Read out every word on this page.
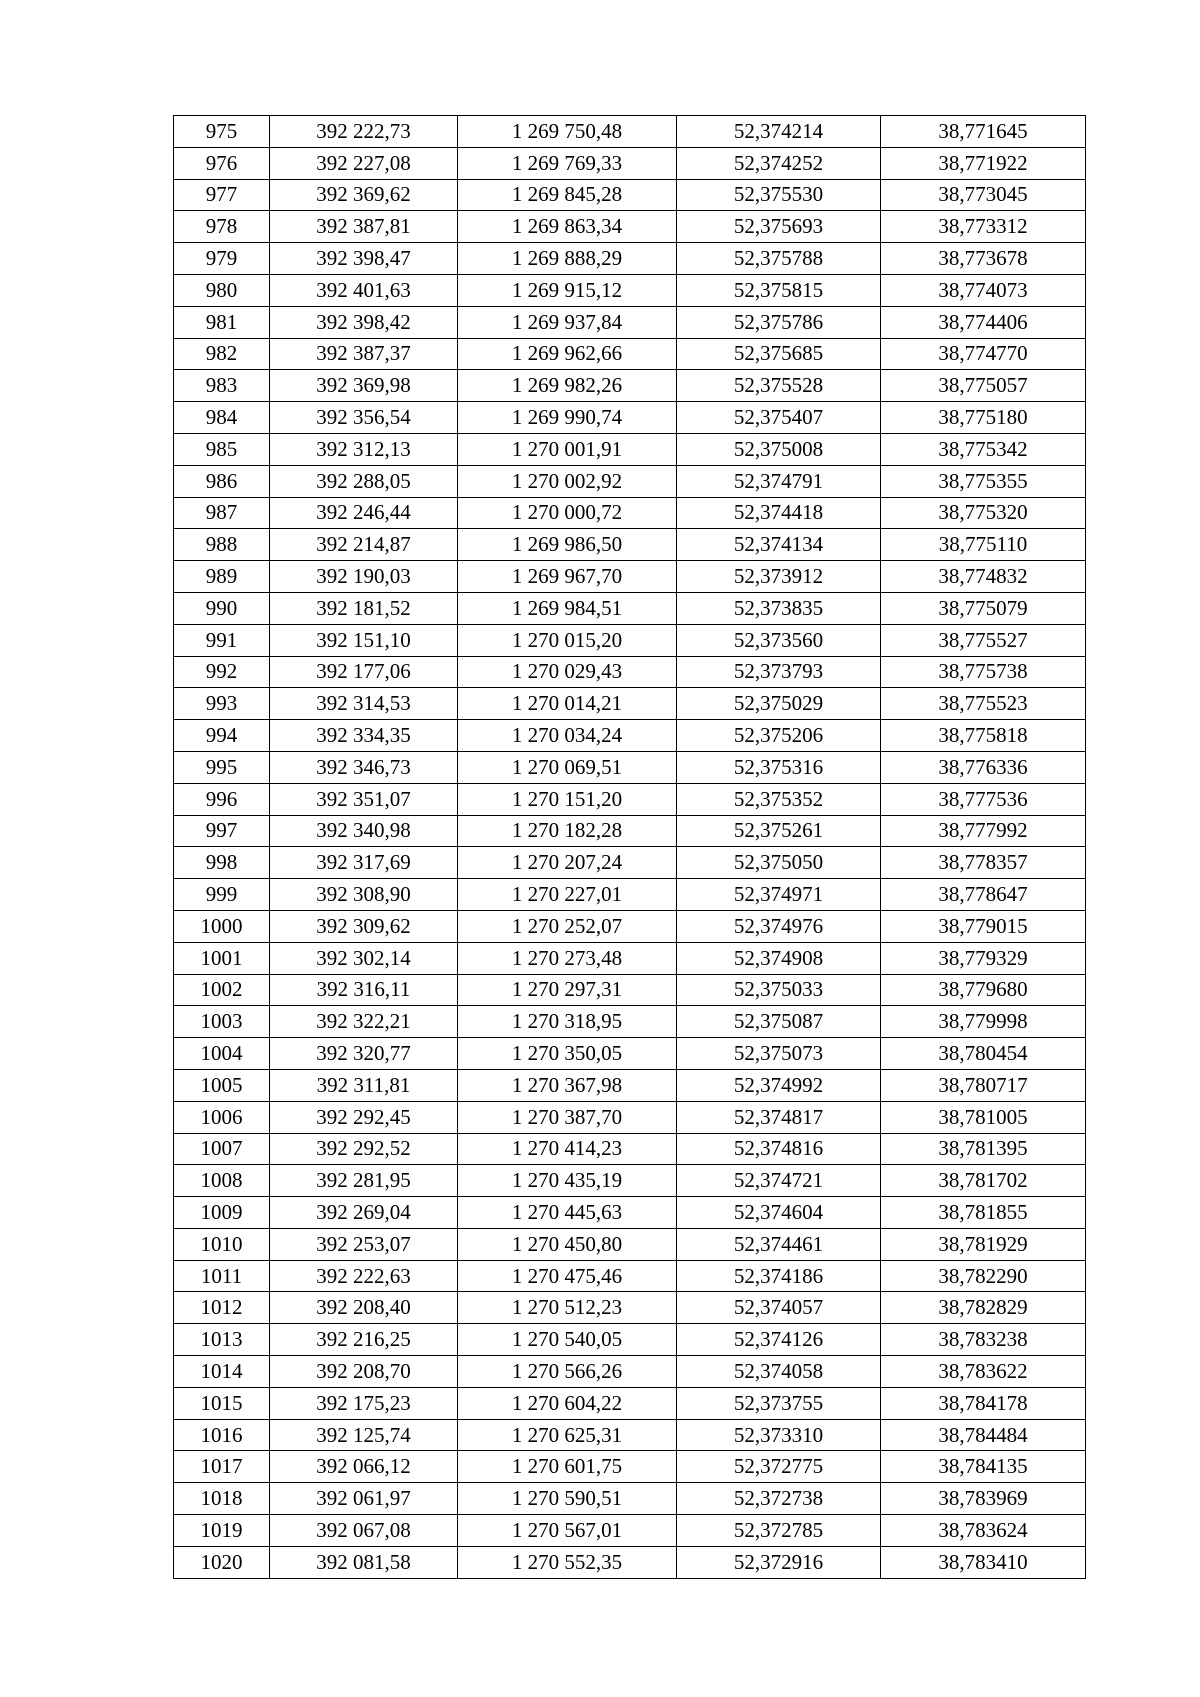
975	392 222,73	1 269 750,48	52,374214	38,771645
976	392 227,08	1 269 769,33	52,374252	38,771922
977	392 369,62	1 269 845,28	52,375530	38,773045
978	392 387,81	1 269 863,34	52,375693	38,773312
979	392 398,47	1 269 888,29	52,375788	38,773678
980	392 401,63	1 269 915,12	52,375815	38,774073
981	392 398,42	1 269 937,84	52,375786	38,774406
982	392 387,37	1 269 962,66	52,375685	38,774770
983	392 369,98	1 269 982,26	52,375528	38,775057
984	392 356,54	1 269 990,74	52,375407	38,775180
985	392 312,13	1 270 001,91	52,375008	38,775342
986	392 288,05	1 270 002,92	52,374791	38,775355
987	392 246,44	1 270 000,72	52,374418	38,775320
988	392 214,87	1 269 986,50	52,374134	38,775110
989	392 190,03	1 269 967,70	52,373912	38,774832
990	392 181,52	1 269 984,51	52,373835	38,775079
991	392 151,10	1 270 015,20	52,373560	38,775527
992	392 177,06	1 270 029,43	52,373793	38,775738
993	392 314,53	1 270 014,21	52,375029	38,775523
994	392 334,35	1 270 034,24	52,375206	38,775818
995	392 346,73	1 270 069,51	52,375316	38,776336
996	392 351,07	1 270 151,20	52,375352	38,777536
997	392 340,98	1 270 182,28	52,375261	38,777992
998	392 317,69	1 270 207,24	52,375050	38,778357
999	392 308,90	1 270 227,01	52,374971	38,778647
1000	392 309,62	1 270 252,07	52,374976	38,779015
1001	392 302,14	1 270 273,48	52,374908	38,779329
1002	392 316,11	1 270 297,31	52,375033	38,779680
1003	392 322,21	1 270 318,95	52,375087	38,779998
1004	392 320,77	1 270 350,05	52,375073	38,780454
1005	392 311,81	1 270 367,98	52,374992	38,780717
1006	392 292,45	1 270 387,70	52,374817	38,781005
1007	392 292,52	1 270 414,23	52,374816	38,781395
1008	392 281,95	1 270 435,19	52,374721	38,781702
1009	392 269,04	1 270 445,63	52,374604	38,781855
1010	392 253,07	1 270 450,80	52,374461	38,781929
1011	392 222,63	1 270 475,46	52,374186	38,782290
1012	392 208,40	1 270 512,23	52,374057	38,782829
1013	392 216,25	1 270 540,05	52,374126	38,783238
1014	392 208,70	1 270 566,26	52,374058	38,783622
1015	392 175,23	1 270 604,22	52,373755	38,784178
1016	392 125,74	1 270 625,31	52,373310	38,784484
1017	392 066,12	1 270 601,75	52,372775	38,784135
1018	392 061,97	1 270 590,51	52,372738	38,783969
1019	392 067,08	1 270 567,01	52,372785	38,783624
1020	392 081,58	1 270 552,35	52,372916	38,783410
